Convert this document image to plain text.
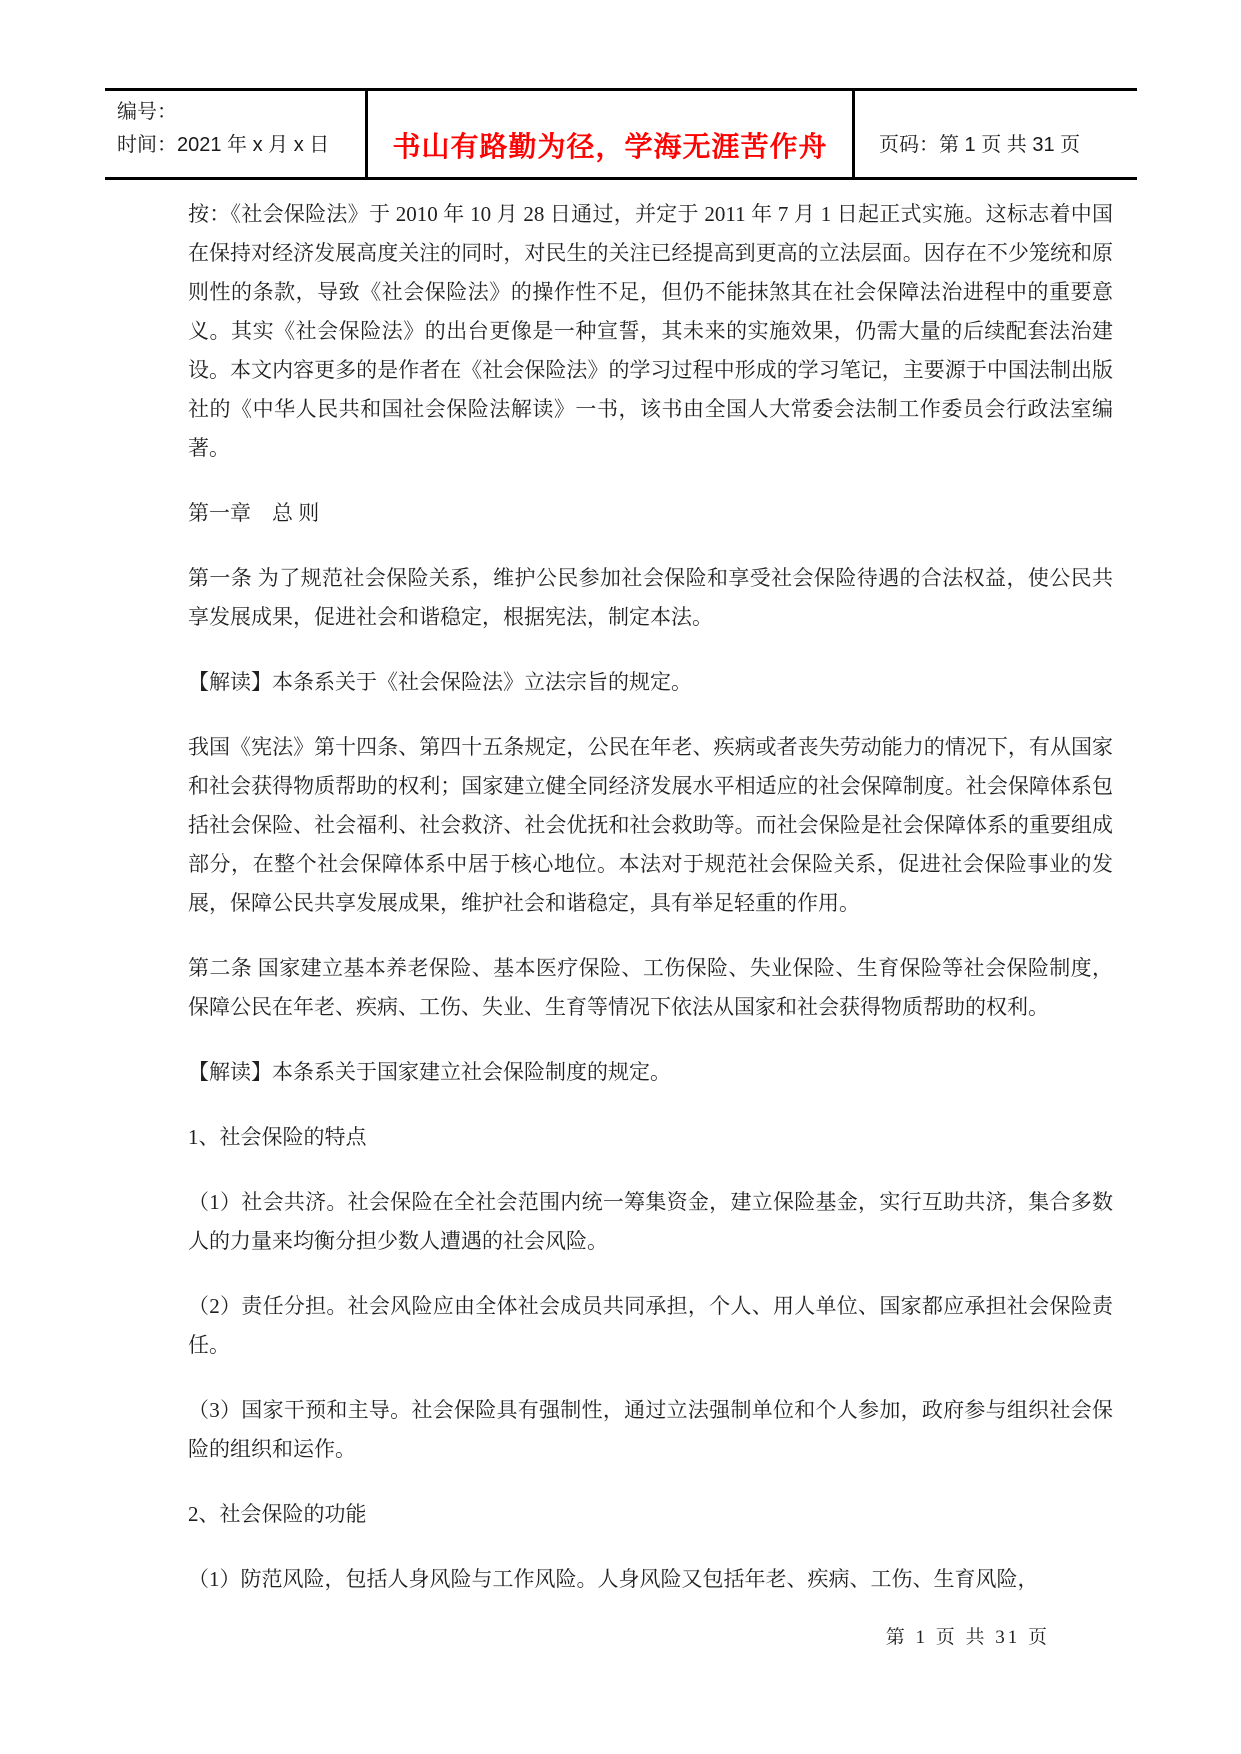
编号：
时间：2021 年 x 月 x 日	书山有路勤为径，学海无涯苦作舟	页码： 第 1 页 共 31 页

按：《社会保险法》于 2010 年 10 月 28 日通过，并定于 2011 年 7 月 1 日起正式实施。这标志着中国在保持对经济发展高度关注的同时，对民生的关注已经提高到更高的立法层面。因存在不少笼统和原则性的条款，导致《社会保险法》的操作性不足，但仍不能抹煞其在社会保障法治进程中的重要意义。其实《社会保险法》的出台更像是一种宣誓，其未来的实施效果，仍需大量的后续配套法治建设。本文内容更多的是作者在《社会保险法》的学习过程中形成的学习笔记，主要源于中国法制出版社的《中华人民共和国社会保险法解读》一书，该书由全国人大常委会法制工作委员会行政法室编著。

第一章　总 则

第一条 为了规范社会保险关系，维护公民参加社会保险和享受社会保险待遇的合法权益，使公民共享发展成果，促进社会和谐稳定，根据宪法，制定本法。

【解读】本条系关于《社会保险法》立法宗旨的规定。

我国《宪法》第十四条、第四十五条规定，公民在年老、疾病或者丧失劳动能力的情况下，有从国家和社会获得物质帮助的权利；国家建立健全同经济发展水平相适应的社会保障制度。社会保障体系包括社会保险、社会福利、社会救济、社会优抚和社会救助等。而社会保险是社会保障体系的重要组成部分，在整个社会保障体系中居于核心地位。本法对于规范社会保险关系，促进社会保险事业的发展，保障公民共享发展成果，维护社会和谐稳定，具有举足轻重的作用。

第二条 国家建立基本养老保险、基本医疗保险、工伤保险、失业保险、生育保险等社会保险制度，保障公民在年老、疾病、工伤、失业、生育等情况下依法从国家和社会获得物质帮助的权利。

【解读】本条系关于国家建立社会保险制度的规定。

1、社会保险的特点

（1）社会共济。社会保险在全社会范围内统一筹集资金，建立保险基金，实行互助共济，集合多数人的力量来均衡分担少数人遭遇的社会风险。

（2）责任分担。社会风险应由全体社会成员共同承担，个人、用人单位、国家都应承担社会保险责任。

（3）国家干预和主导。社会保险具有强制性，通过立法强制单位和个人参加，政府参与组织社会保险的组织和运作。

2、社会保险的功能

（1）防范风险，包括人身风险与工作风险。人身风险又包括年老、疾病、工伤、生育风险，

第 1 页 共 31 页
